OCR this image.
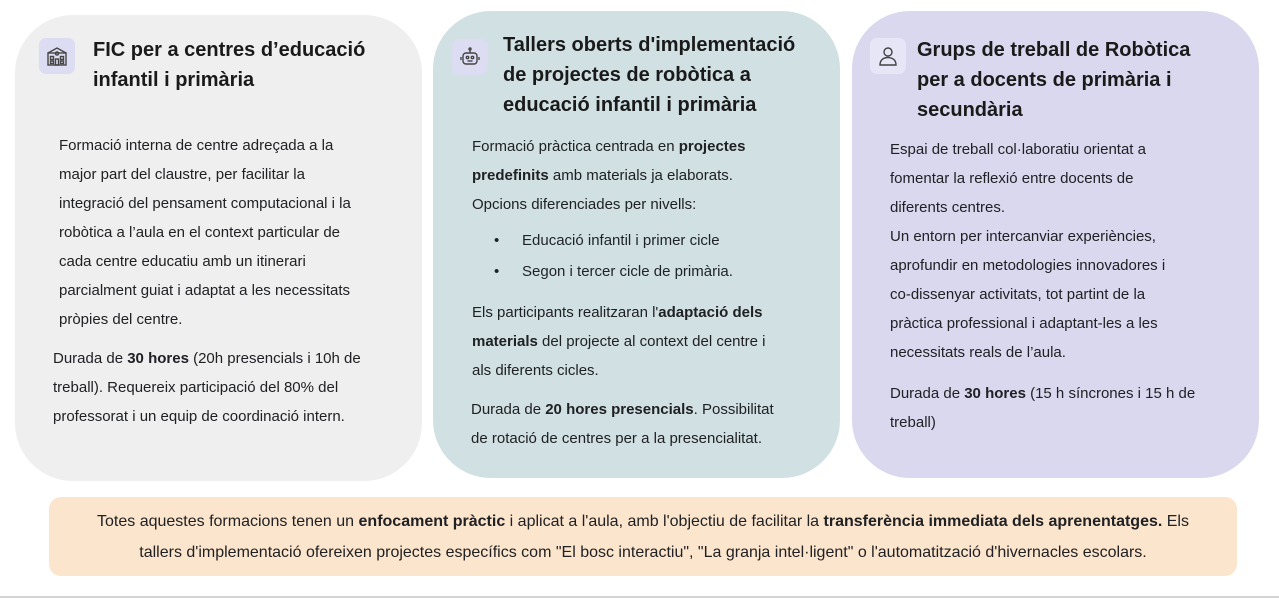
FIC per a centres d’educació
infantil i primària

Formació interna de centre adreçada a la
major part del claustre, per facilitar la
integració del pensament computacional i la
robòtica a l’aula en el context particular de
cada centre educatiu amb un itinerari
parcialment guiat i adaptat a les necessitats
pròpies del centre.

Durada de 30 hores (20h presencials i 10h de
treball). Requereix participació del 80% del
professorat i un equip de coordinació intern.

Tallers oberts d'implementació
de projectes de robòtica a
educació infantil i primària

Formació pràctica centrada en projectes
predefinits amb materials ja elaborats.
Opcions diferenciades per nivells:

• Educació infantil i primer cicle
• Segon i tercer cicle de primària.

Els participants realitzaran l'adaptació dels
materials del projecte al context del centre i
als diferents cicles.

Durada de 20 hores presencials. Possibilitat
de rotació de centres per a la presencialitat.

Grups de treball de Robòtica
per a docents de primària i
secundària

Espai de treball col·laboratiu orientat a
fomentar la reflexió entre docents de
diferents centres.
Un entorn per intercanviar experiències,
aprofundir en metodologies innovadores i
co-dissenyar activitats, tot partint de la
pràctica professional i adaptant-les a les
necessitats reals de l’aula.

Durada de 30 hores (15 h síncrones i 15 h de
treball)

Totes aquestes formacions tenen un enfocament pràctic i aplicat a l'aula, amb l'objectiu de facilitar la transferència immediata dels aprenentatges. Els
tallers d'implementació ofereixen projectes específics com "El bosc interactiu", "La granja intel·ligent" o l'automatització d'hivernacles escolars.
